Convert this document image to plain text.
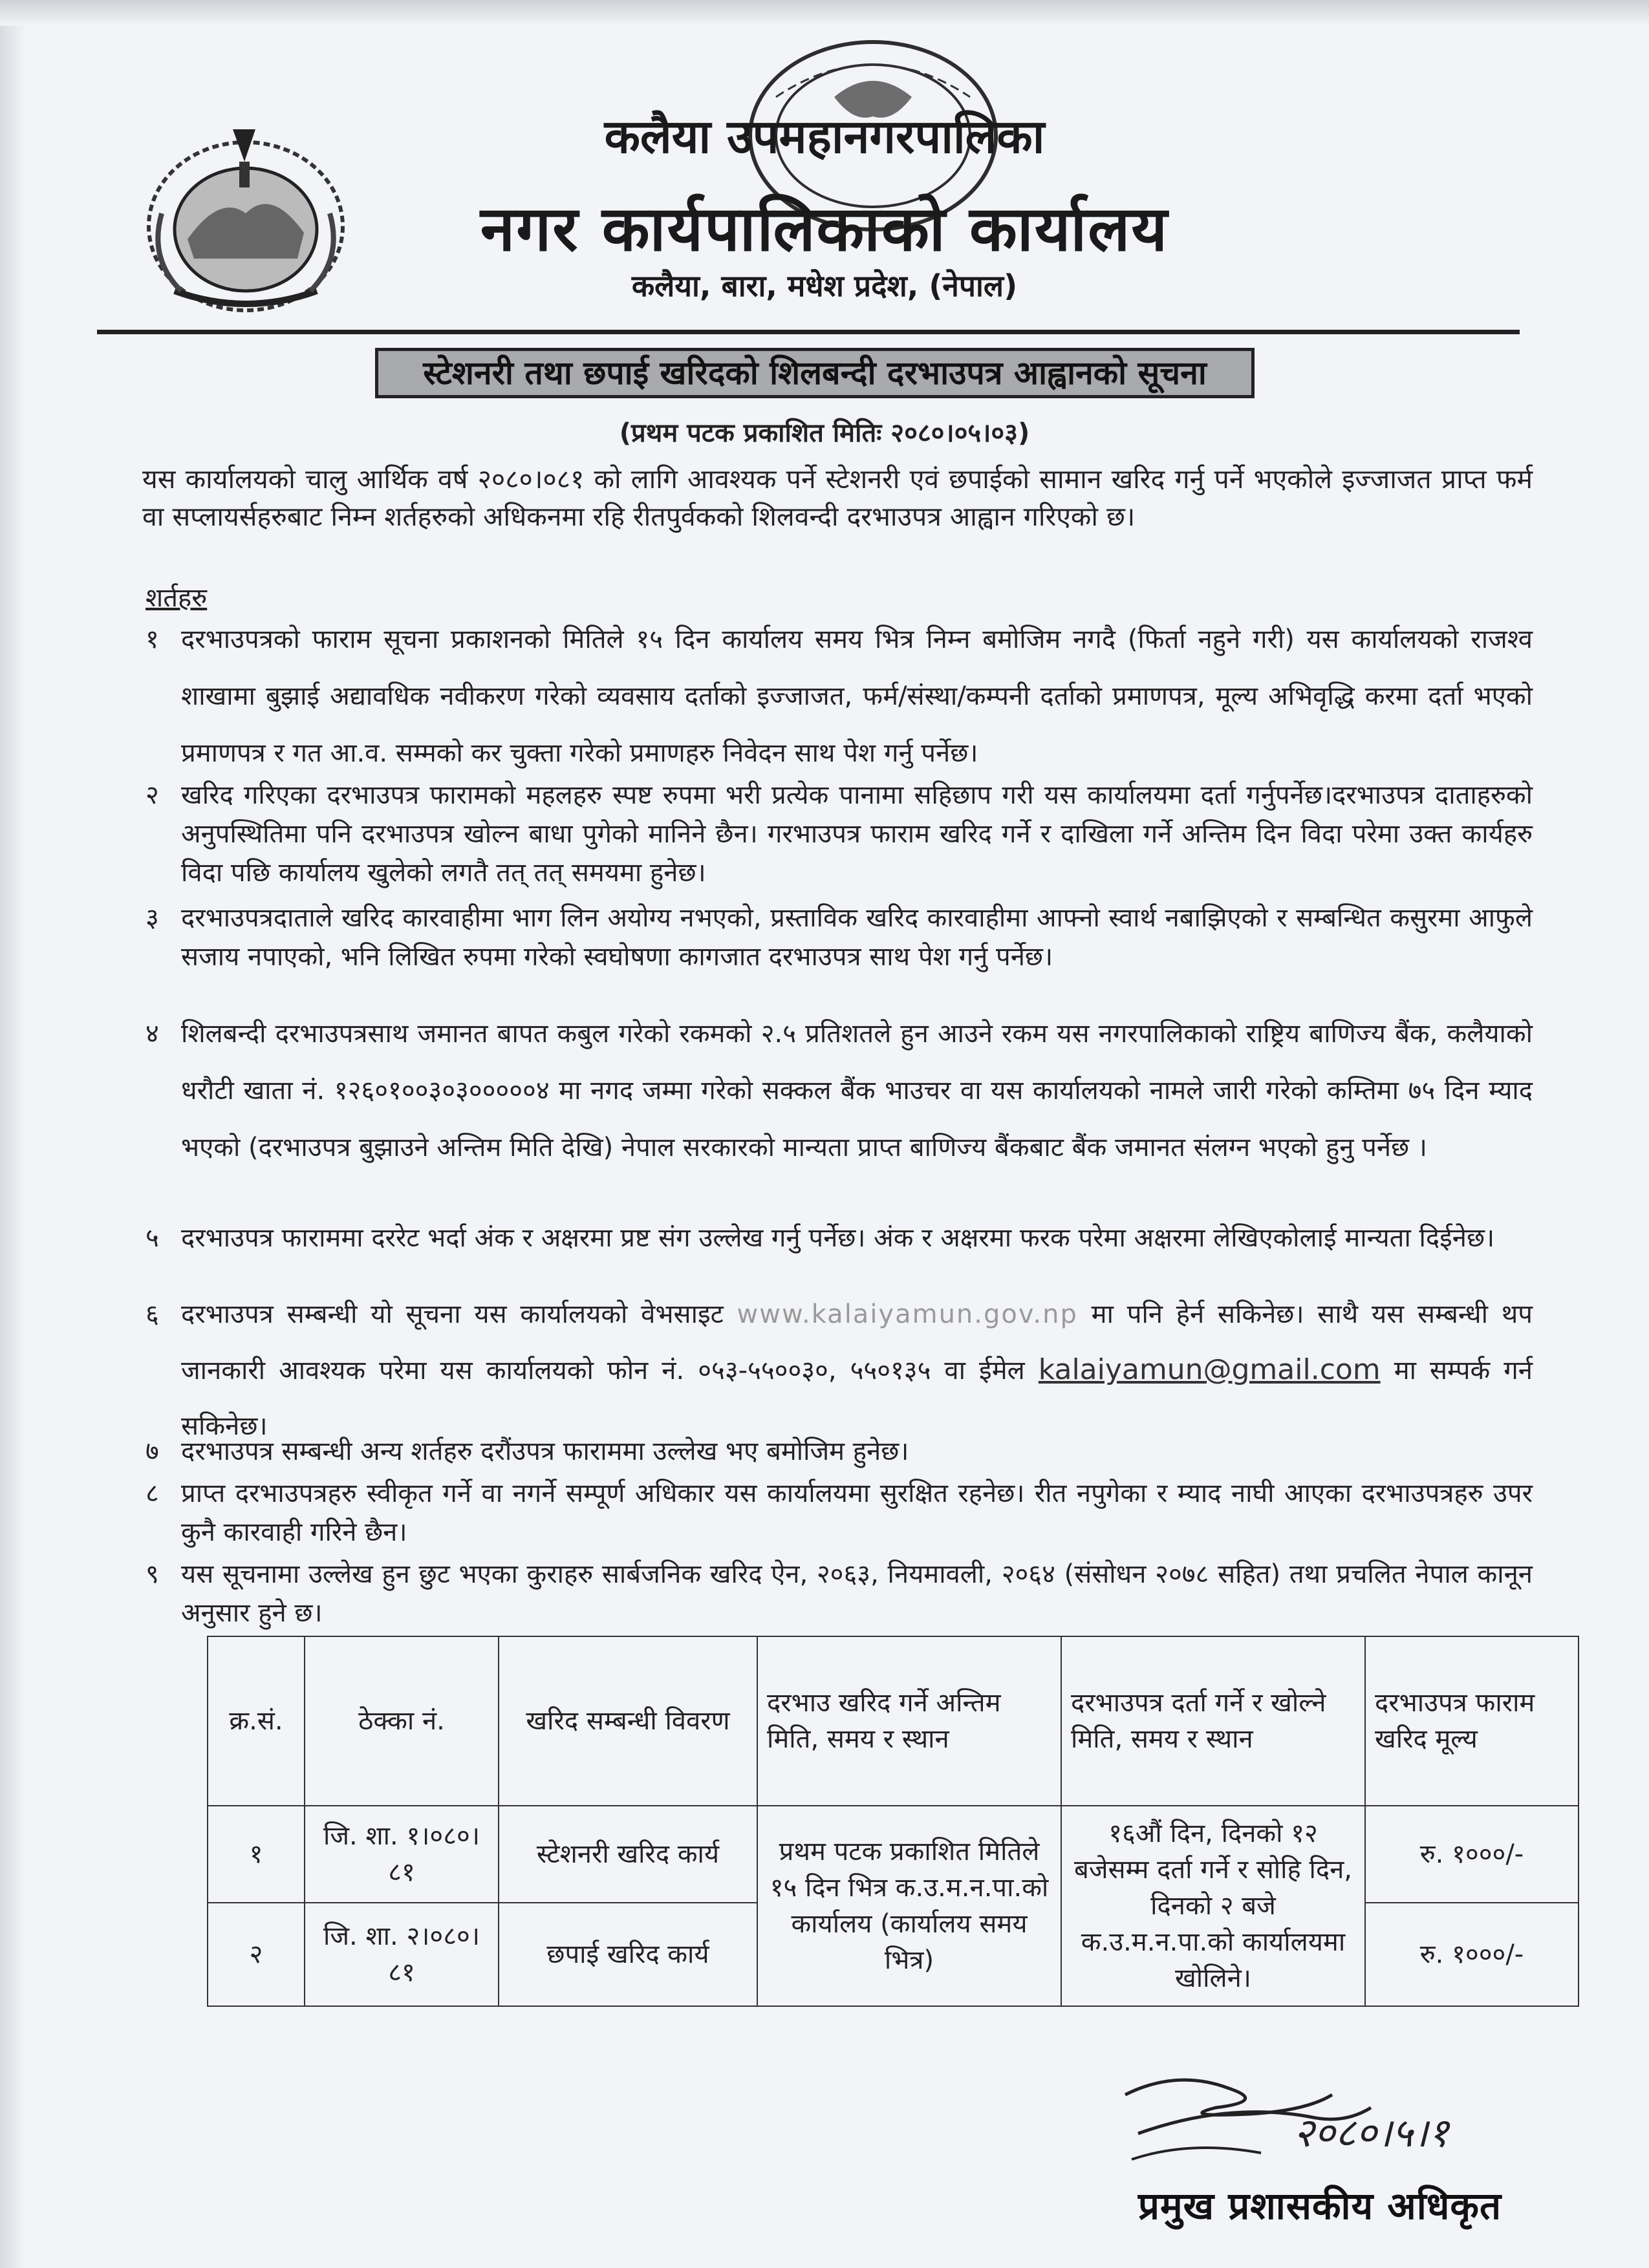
कलैया उपमहानगरपालिका
नगर कार्यपालिकाको कार्यालय
कलैया, बारा, मधेश प्रदेश, (नेपाल)
स्टेशनरी तथा छपाई खरिदको शिलबन्दी दरभाउपत्र आह्वानको सूचना
(प्रथम पटक प्रकाशित मितिः २०८०।०५।०३)
यस कार्यालयको चालु आर्थिक वर्ष २०८०।०८१ को लागि आवश्यक पर्ने स्टेशनरी एवं छपाईको सामान खरिद गर्नु पर्ने भएकोले इज्जाजत प्राप्त फर्म वा सप्लायर्सहरुबाट निम्न शर्तहरुको अधिकनमा रहि रीतपुर्वकको शिलवन्दी दरभाउपत्र आह्वान गरिएको छ।
शर्तहरु
१ दरभाउपत्रको फाराम सूचना प्रकाशनको मितिले १५ दिन कार्यालय समय भित्र निम्न बमोजिम नगदै (फिर्ता नहुने गरी) यस कार्यालयको राजश्व शाखामा बुझाई अद्यावधिक नवीकरण गरेको व्यवसाय दर्ताको इज्जाजत, फर्म/संस्था/कम्पनी दर्ताको प्रमाणपत्र, मूल्य अभिवृद्धि करमा दर्ता भएको प्रमाणपत्र र गत आ.व. सम्मको कर चुक्ता गरेको प्रमाणहरु निवेदन साथ पेश गर्नु पर्नेछ।
२ खरिद गरिएका दरभाउपत्र फारामको महलहरु स्पष्ट रुपमा भरी प्रत्येक पानामा सहिछाप गरी यस कार्यालयमा दर्ता गर्नुपर्नेछ।दरभाउपत्र दाताहरुको अनुपस्थितिमा पनि दरभाउपत्र खोल्न बाधा पुगेको मानिने छैन। गरभाउपत्र फाराम खरिद गर्ने र दाखिला गर्ने अन्तिम दिन विदा परेमा उक्त कार्यहरु विदा पछि कार्यालय खुलेको लगतै तत् तत् समयमा हुनेछ।
३ दरभाउपत्रदाताले खरिद कारवाहीमा भाग लिन अयोग्य नभएको, प्रस्ताविक खरिद कारवाहीमा आफ्नो स्वार्थ नबाझिएको र सम्बन्धित कसुरमा आफुले सजाय नपाएको, भनि लिखित रुपमा गरेको स्वघोषणा कागजात दरभाउपत्र साथ पेश गर्नु पर्नेछ।
४ शिलबन्दी दरभाउपत्रसाथ जमानत बापत कबुल गरेको रकमको २.५ प्रतिशतले हुन आउने रकम यस नगरपालिकाको राष्ट्रिय बाणिज्य बैंक, कलैयाको धरौटी खाता नं. १२६०१००३०३०००००४ मा नगद जम्मा गरेको सक्कल बैंक भाउचर वा यस कार्यालयको नामले जारी गरेको कम्तिमा ७५ दिन म्याद भएको (दरभाउपत्र बुझाउने अन्तिम मिति देखि) नेपाल सरकारको मान्यता प्राप्त बाणिज्य बैंकबाट बैंक जमानत संलग्न भएको हुनु पर्नेछ ।
५ दरभाउपत्र फाराममा दररेट भर्दा अंक र अक्षरमा प्रष्ट संग उल्लेख गर्नु पर्नेछ। अंक र अक्षरमा फरक परेमा अक्षरमा लेखिएकोलाई मान्यता दिईनेछ।
६ दरभाउपत्र सम्बन्धी यो सूचना यस कार्यालयको वेभसाइट www.kalaiyamun.gov.np मा पनि हेर्न सकिनेछ। साथै यस सम्बन्धी थप जानकारी आवश्यक परेमा यस कार्यालयको फोन नं. ०५३-५५००३०, ५५०१३५ वा ईमेल kalaiyamun@gmail.com मा सम्पर्क गर्न सकिनेछ।
७ दरभाउपत्र सम्बन्धी अन्य शर्तहरु दरौंउपत्र फाराममा उल्लेख भए बमोजिम हुनेछ।
८ प्राप्त दरभाउपत्रहरु स्वीकृत गर्ने वा नगर्ने सम्पूर्ण अधिकार यस कार्यालयमा सुरक्षित रहनेछ। रीत नपुगेका र म्याद नाघी आएका दरभाउपत्रहरु उपर कुनै कारवाही गरिने छैन।
९ यस सूचनामा उल्लेख हुन छुट भएका कुराहरु सार्बजनिक खरिद ऐन, २०६३, नियमावली, २०६४ (संसोधन २०७८ सहित) तथा प्रचलित नेपाल कानून अनुसार हुने छ।
क्र.सं.	ठेक्का नं.	खरिद सम्बन्धी विवरण	दरभाउ खरिद गर्ने अन्तिम मिति, समय र स्थान	दरभाउपत्र दर्ता गर्ने र खोल्ने मिति, समय र स्थान	दरभाउपत्र फाराम खरिद मूल्य
१	जि. शा. १।०८०।८१	स्टेशनरी खरिद कार्य	प्रथम पटक प्रकाशित मितिले १५ दिन भित्र क.उ.म.न.पा.को कार्यालय (कार्यालय समय भित्र)	१६औं दिन, दिनको १२ बजेसम्म दर्ता गर्ने र सोहि दिन, दिनको २ बजे क.उ.म.न.पा.को कार्यालयमा खोलिने।	रु. १०००/-
२	जि. शा. २।०८०।८१	छपाई खरिद कार्य			रु. १०००/-
२०८०।५।१
प्रमुख प्रशासकीय अधिकृत
